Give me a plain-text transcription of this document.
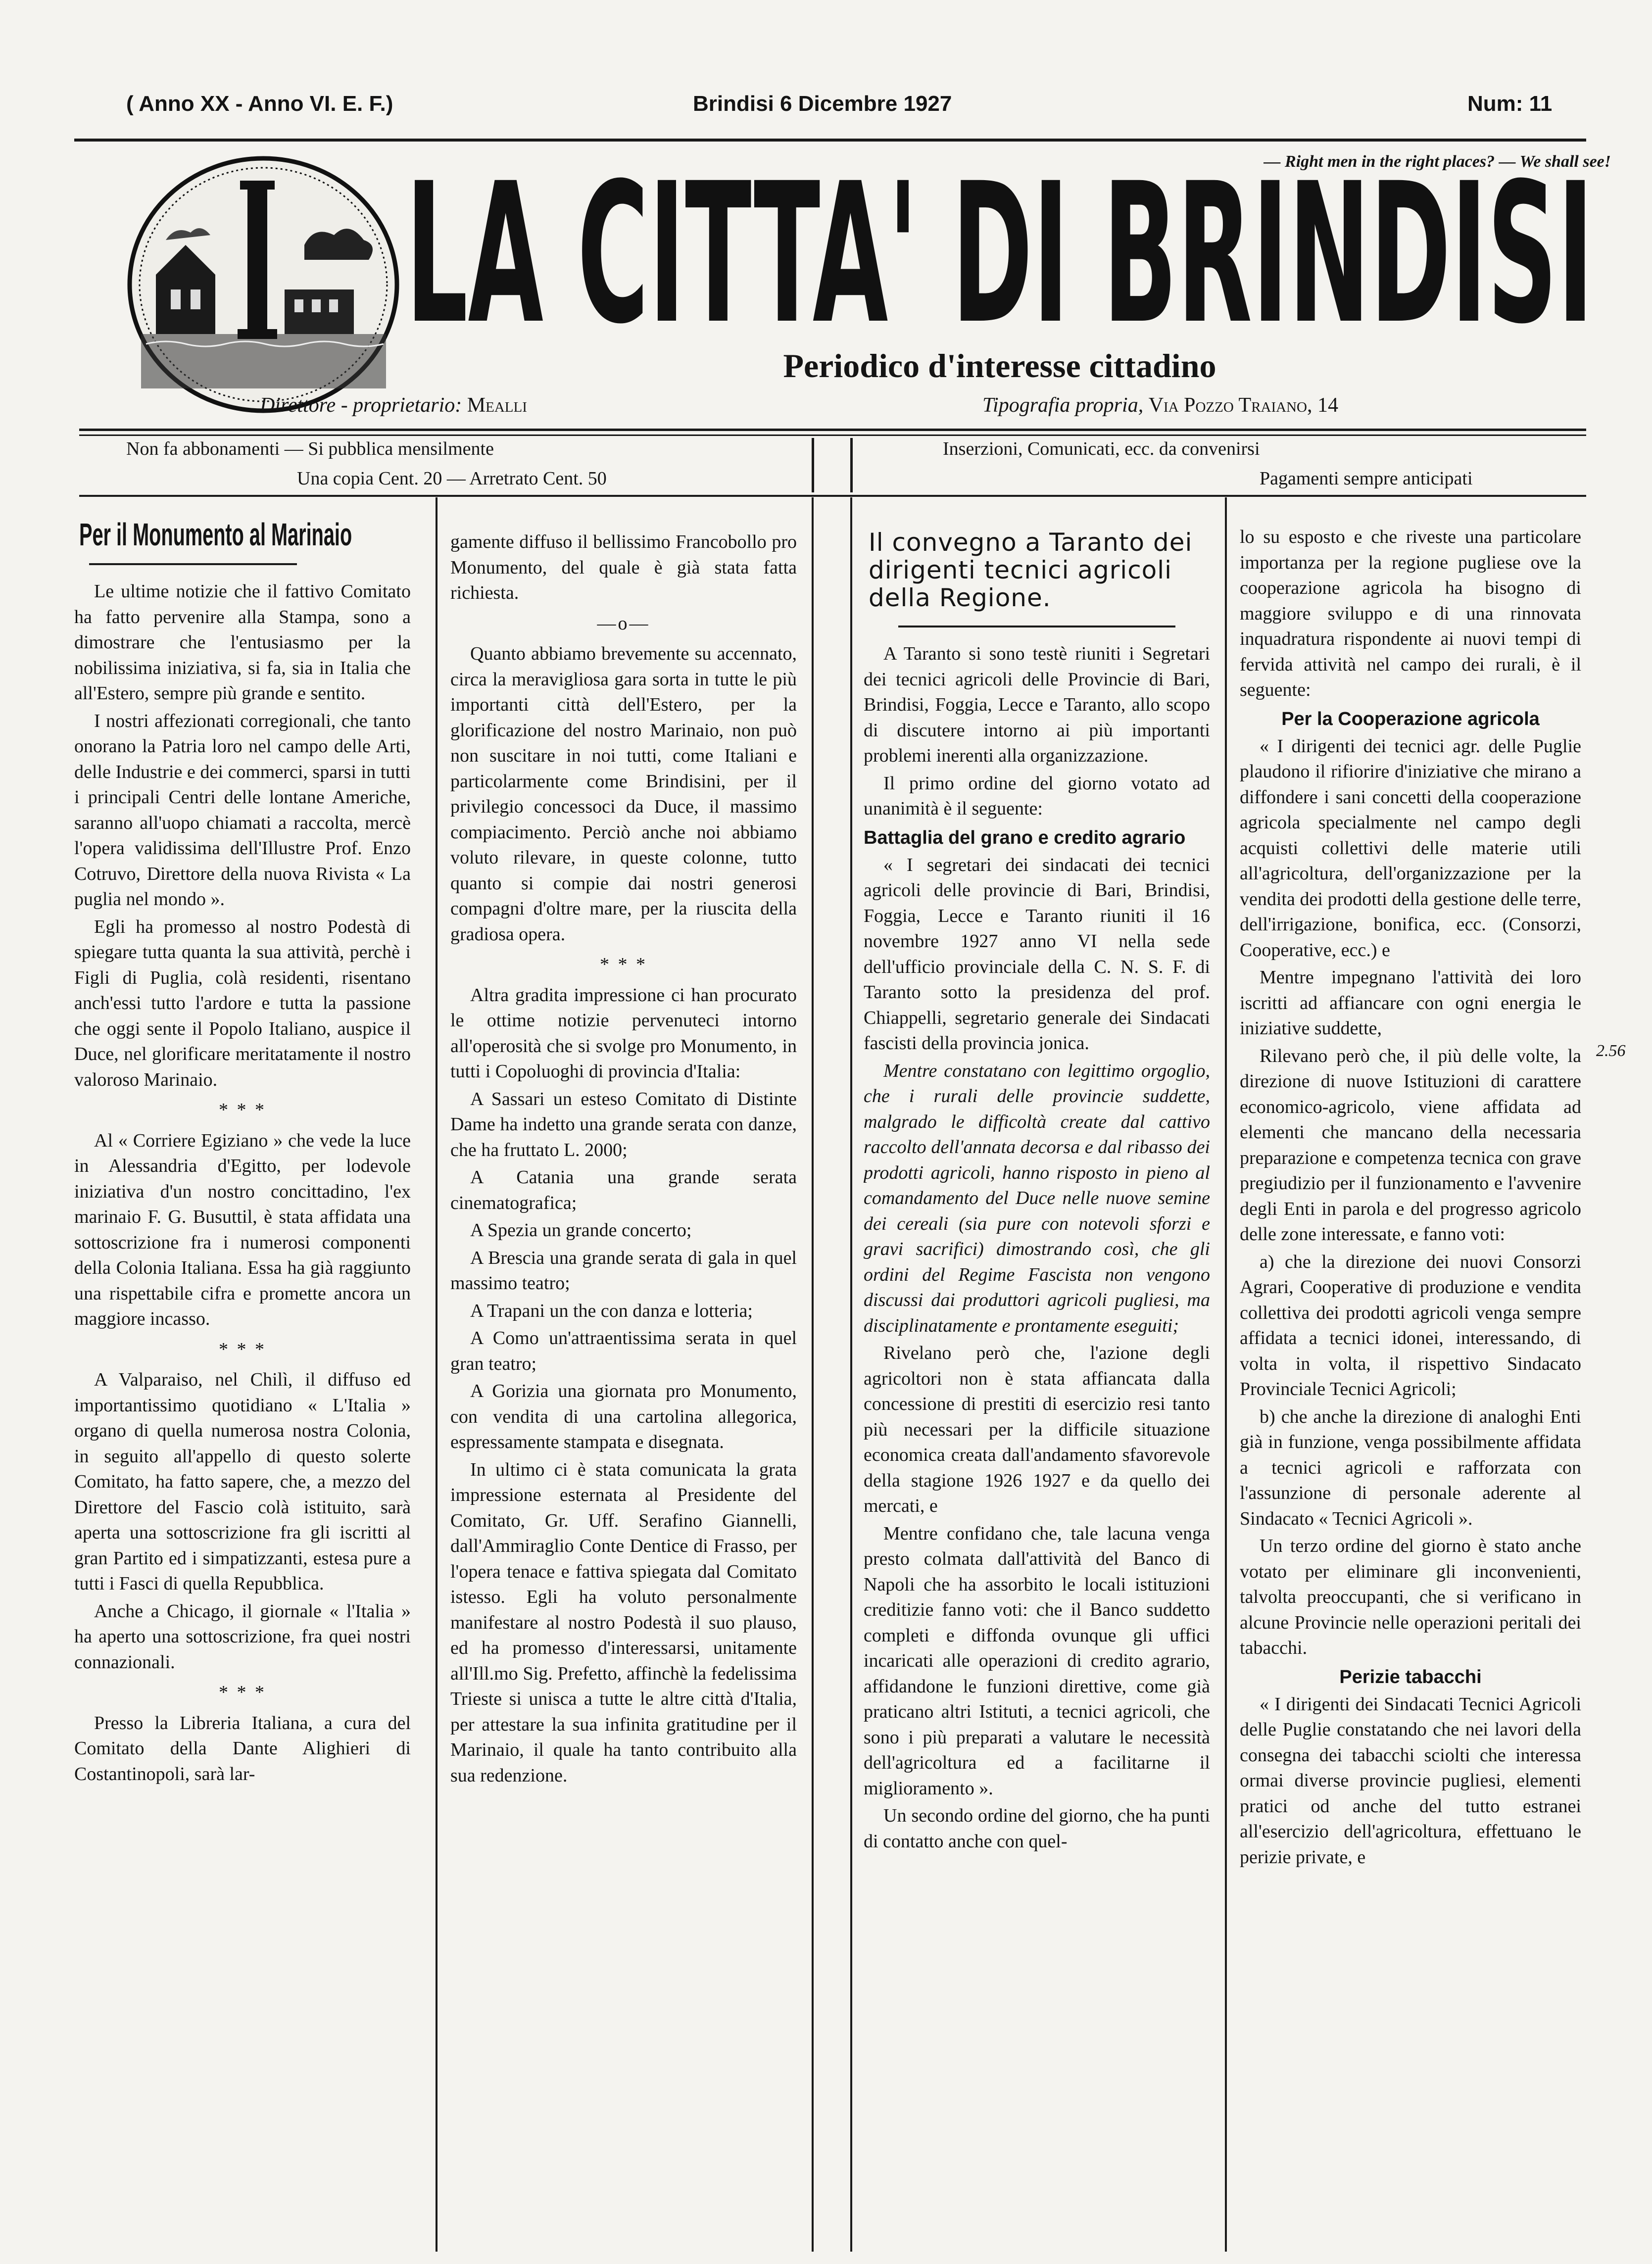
( Anno XX - Anno VI. E. F.)	Brindisi 6 Dicembre 1927	Num: 11
— Right men in the right places? — We shall see!
LA CITTA' DI BRINDISI
Periodico d'interesse cittadino
Direttore - proprietario: Mealli	Tipografia propria, Via Pozzo Traiano, 14
Non fa abbonamenti — Si pubblica mensilmente
Una copia Cent. 20 — Arretrato Cent. 50
Inserzioni, Comunicati, ecc. da convenirsi
Pagamenti sempre anticipati
Per il Monumento al Marinaio

Le ultime notizie che il fattivo Comitato ha fatto pervenire alla Stampa, sono a dimostrare che l'entusiasmo per la nobilissima iniziativa, si fa, sia in Italia che all'Estero, sempre più grande e sentito.

I nostri affezionati corregionali, che tanto onorano la Patria loro nel campo delle Arti, delle Industrie e dei commerci, sparsi in tutti i principali Centri delle lontane Americhe, saranno all'uopo chiamati a raccolta, mercè l'opera validissima dell'Illustre Prof. Enzo Cotruvo, Direttore della nuova Rivista « La puglia nel mondo ».

Egli ha promesso al nostro Podestà di spiegare tutta quanta la sua attività, perchè i Figli di Puglia, colà residenti, risentano anch'essi tutto l'ardore e tutta la passione che oggi sente il Popolo Italiano, auspice il Duce, nel glorificare meritatamente il nostro valoroso Marinaio.

* * *

Al « Corriere Egiziano » che vede la luce in Alessandria d'Egitto, per lodevole iniziativa d'un nostro concittadino, l'ex marinaio F. G. Busuttil, è stata affidata una sottoscrizione fra i numerosi componenti della Colonia Italiana. Essa ha già raggiunto una rispettabile cifra e promette ancora un maggiore incasso.

* * *

A Valparaiso, nel Chilì, il diffuso ed importantissimo quotidiano « L'Italia » organo di quella numerosa nostra Colonia, in seguito all'appello di questo solerte Comitato, ha fatto sapere, che, a mezzo del Direttore del Fascio colà istituito, sarà aperta una sottoscrizione fra gli iscritti al gran Partito ed i simpatizzanti, estesa pure a tutti i Fasci di quella Repubblica.

Anche a Chicago, il giornale « l'Italia » ha aperto una sottoscrizione, fra quei nostri connazionali.

* * *

Presso la Libreria Italiana, a cura del Comitato della Dante Alighieri di Costantinopoli, sarà lar-

gamente diffuso il bellissimo Francobollo pro Monumento, del quale è già stata fatta richiesta.

—o—

Quanto abbiamo brevemente su accennato, circa la meravigliosa gara sorta in tutte le più importanti città dell'Estero, per la glorificazione del nostro Marinaio, non può non suscitare in noi tutti, come Italiani e particolarmente come Brindisini, per il privilegio concessoci da Duce, il massimo compiacimento. Perciò anche noi abbiamo voluto rilevare, in queste colonne, tutto quanto si compie dai nostri generosi compagni d'oltre mare, per la riuscita della gradiosa opera.

* * *

Altra gradita impressione ci han procurato le ottime notizie pervenuteci intorno all'operosità che si svolge pro Monumento, in tutti i Copoluoghi di provincia d'Italia:

A Sassari un esteso Comitato di Distinte Dame ha indetto una grande serata con danze, che ha fruttato L. 2000;

A Catania una grande serata cinematografica;

A Spezia un grande concerto;

A Brescia una grande serata di gala in quel massimo teatro;

A Trapani un the con danza e lotteria;

A Como un'attraentissima serata in quel gran teatro;

A Gorizia una giornata pro Monumento, con vendita di una cartolina allegorica, espressamente stampata e disegnata.

In ultimo ci è stata comunicata la grata impressione esternata al Presidente del Comitato, Gr. Uff. Serafino Giannelli, dall'Ammiraglio Conte Dentice di Frasso, per l'opera tenace e fattiva spiegata dal Comitato istesso. Egli ha voluto personalmente manifestare al nostro Podestà il suo plauso, ed ha promesso d'interessarsi, unitamente all'Ill.mo Sig. Prefetto, affinchè la fedelissima Trieste si unisca a tutte le altre città d'Italia, per attestare la sua infinita gratitudine per il Marinaio, il quale ha tanto contribuito alla sua redenzione.

Il convegno a Taranto dei dirigenti tecnici agricoli della Regione.

A Taranto si sono testè riuniti i Segretari dei tecnici agricoli delle Provincie di Bari, Brindisi, Foggia, Lecce e Taranto, allo scopo di discutere intorno ai più importanti problemi inerenti alla organizzazione.

Il primo ordine del giorno votato ad unanimità è il seguente:

Battaglia del grano e credito agrario

« I segretari dei sindacati dei tecnici agricoli delle provincie di Bari, Brindisi, Foggia, Lecce e Taranto riuniti il 16 novembre 1927 anno VI nella sede dell'ufficio provinciale della C. N. S. F. di Taranto sotto la presidenza del prof. Chiappelli, segretario generale dei Sindacati fascisti della provincia jonica.

Mentre constatano con legittimo orgoglio, che i rurali delle provincie suddette, malgrado le difficoltà create dal cattivo raccolto dell'annata decorsa e dal ribasso dei prodotti agricoli, hanno risposto in pieno al comandamento del Duce nelle nuove semine dei cereali (sia pure con notevoli sforzi e gravi sacrifici) dimostrando così, che gli ordini del Regime Fascista non vengono discussi dai produttori agricoli pugliesi, ma disciplinatamente e prontamente eseguiti;

Rivelano però che, l'azione degli agricoltori non è stata affiancata dalla concessione di prestiti di esercizio resi tanto più necessari per la difficile situazione economica creata dall'andamento sfavorevole della stagione 1926 1927 e da quello dei mercati, e

Mentre confidano che, tale lacuna venga presto colmata dall'attività del Banco di Napoli che ha assorbito le locali istituzioni creditizie fanno voti: che il Banco suddetto completi e diffonda ovunque gli uffici incaricati alle operazioni di credito agrario, affidandone le funzioni direttive, come già praticano altri Istituti, a tecnici agricoli, che sono i più preparati a valutare le necessità dell'agricoltura ed a facilitarne il miglioramento ».

Un secondo ordine del giorno, che ha punti di contatto anche con quel-

lo su esposto e che riveste una particolare importanza per la regione pugliese ove la cooperazione agricola ha bisogno di maggiore sviluppo e di una rinnovata inquadratura rispondente ai nuovi tempi di fervida attività nel campo dei rurali, è il seguente:

Per la Cooperazione agricola

« I dirigenti dei tecnici agr. delle Puglie plaudono il rifiorire d'iniziative che mirano a diffondere i sani concetti della cooperazione agricola specialmente nel campo degli acquisti collettivi delle materie utili all'agricoltura, dell'organizzazione per la vendita dei prodotti della gestione delle terre, dell'irrigazione, bonifica, ecc. (Consorzi, Cooperative, ecc.) e

Mentre impegnano l'attività dei loro iscritti ad affiancare con ogni energia le iniziative suddette,

Rilevano però che, il più delle volte, la direzione di nuove Istituzioni di carattere economico-agricolo, viene affidata ad elementi che mancano della necessaria preparazione e competenza tecnica con grave pregiudizio per il funzionamento e l'avvenire degli Enti in parola e del progresso agricolo delle zone interessate, e fanno voti:

a) che la direzione dei nuovi Consorzi Agrari, Cooperative di produzione e vendita collettiva dei prodotti agricoli venga sempre affidata a tecnici idonei, interessando, di volta in volta, il rispettivo Sindacato Provinciale Tecnici Agricoli;

b) che anche la direzione di analoghi Enti già in funzione, venga possibilmente affidata a tecnici agricoli e rafforzata con l'assunzione di personale aderente al Sindacato « Tecnici Agricoli ».

Un terzo ordine del giorno è stato anche votato per eliminare gli inconvenienti, talvolta preoccupanti, che si verificano in alcune Provincie nelle operazioni peritali dei tabacchi.

Perizie tabacchi

« I dirigenti dei Sindacati Tecnici Agricoli delle Puglie constatando che nei lavori della consegna dei tabacchi sciolti che interessa ormai diverse provincie pugliesi, elementi pratici od anche del tutto estranei all'esercizio dell'agricoltura, effettuano le perizie private, e

2.56
